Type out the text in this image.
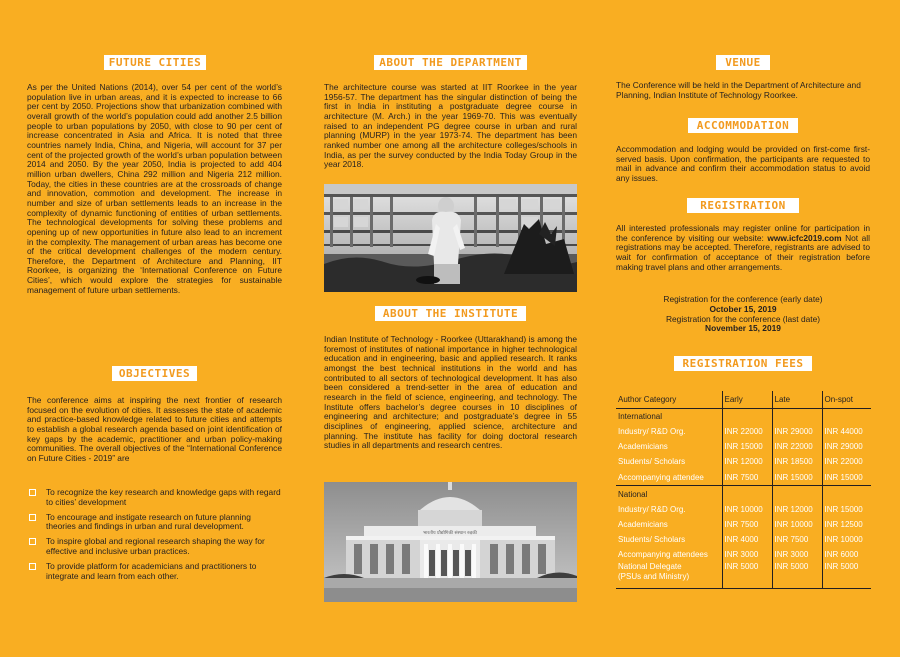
FUTURE CITIES

As per the United Nations (2014), over 54 per cent of the world’s population live in urban areas, and it is expected to increase to 66 per cent by 2050. Projections show that urbanization combined with overall growth of the world’s population could add another 2.5 billion people to urban populations by 2050, with close to 90 per cent of increase concentrated in Asia and Africa. It is noted that three countries namely India, China, and Nigeria, will account for 37 per cent of the projected growth of the world’s urban population between 2014 and 2050. By the year 2050, India is projected to add 404 million urban dwellers, China 292 million and Nigeria 212 million. Today, the cities in these countries are at the crossroads of change and innovation, commotion and development. The increase in number and size of urban settlements leads to an increase in the complexity of dynamic functioning of entities of urban settlements. The technological developments for solving these problems and opening up of new opportunities in future also lead to an increment in the complexity. The management of urban areas has become one of the critical development challenges of the modern century. Therefore, the Department of Architecture and Planning, IIT Roorkee, is organizing the ‘International Conference on Future Cities’, which would explore the strategies for sustainable management of future urban settlements.

OBJECTIVES

The conference aims at inspiring the next frontier of research focused on the evolution of cities. It assesses the state of academic and practice-based knowledge related to future cities and attempts to establish a global research agenda based on joint identification of key gaps by the academic, practitioner and urban policy-making communities. The overall objectives of the “International Conference on Future Cities - 2019” are

To recognize the key research and knowledge gaps with regard to cities’ development
To encourage and instigate research on future planning theories and findings in urban and rural development.
To inspire global and regional research shaping the way for effective and inclusive urban practices.
To provide platform for academicians and practitioners to integrate and learn from each other.
ABOUT THE DEPARTMENT

The architecture course was started at IIT Roorkee in the year 1956-57. The department has the singular distinction of being the first in India in instituting a postgraduate degree course in architecture (M. Arch.) in the year 1969-70. This was eventually raised to an independent PG degree course in urban and rural planning (MURP) in the year 1973-74. The department has been ranked number one among all the architecture colleges/schools in India, as per the survey conducted by the India Today Group in the year 2018.

ABOUT THE INSTITUTE

Indian Institute of Technology - Roorkee (Uttarakhand) is among the foremost of institutes of national importance in higher technological education and in engineering, basic and applied research. It ranks amongst the best technical institutions in the world and has contributed to all sectors of technological development. It has also been considered a trend-setter in the area of education and research in the field of science, engineering, and technology. The Institute offers bachelor’s degree courses in 10 disciplines of engineering and architecture; and postgraduate’s degree in 55 disciplines of engineering, applied science, architecture and planning. The institute has facility for doing doctoral research studies in all departments and research centres.

भारतीय प्रौद्योगिकी संस्थान रुड़की
VENUE

The Conference will be held in the Department of Architecture and Planning, Indian Institute of Technology Roorkee.

ACCOMMODATION

Accommodation and lodging would be provided on first-come first-served basis. Upon confirmation, the participants are requested to mail in advance and confirm their accommodation status to avoid any issues.

REGISTRATION

All interested professionals may register online for participation in the conference by visiting our website: www.icfc2019.com Not all registrations may be accepted. Therefore, registrants are advised to wait for confirmation of acceptance of their registration before making travel plans and other arrangements.

Registration for the conference (early date)
October 15, 2019
Registration for the conference (last date)
November 15, 2019
REGISTRATION FEES
Author Category	Early	Late	On-spot
International			
Industry/ R&D Org.	INR 22000	INR 29000	INR 44000
Academicians	INR 15000	INR 22000	INR 29000
Students/ Scholars	INR 12000	INR 18500	INR 22000
Accompanying attendee	INR 7500	INR 15000	INR 15000
National			
Industry/ R&D Org.	INR 10000	INR 12000	INR 15000
Academicians	INR 7500	INR 10000	INR 12500
Students/ Scholars	INR 4000	INR 7500	INR 10000
Accompanying attendees	INR 3000	INR 3000	INR 6000
National Delegate
(PSUs and Ministry)	INR 5000	INR 5000	INR 5000
